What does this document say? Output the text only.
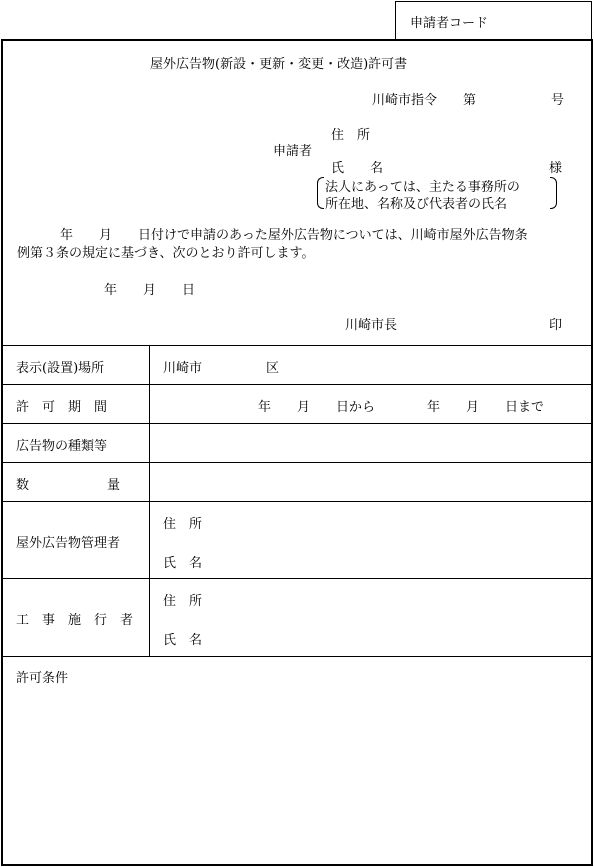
申請者コード
屋外広告物(新設・更新・変更・改造)許可書
川崎市指令 第	号
申請者
住　所
氏　　名	様
法人にあっては、主たる事務所の
所在地、名称及び代表者の氏名
年　　月　　日付けで申請のあった屋外広告物については、川崎市屋外広告物条
例第３条の規定に基づき、次のとおり許可します。
年　　月　　日
川崎市長	印
表示(設置)場所	川崎市	区
許　可　期　間	年　　月　　日から　　　　年　　月　　日まで
広告物の種類等
数　　　　　　量
屋外広告物管理者
住　所
氏　名
工　事　施　行　者
住　所
氏　名
許可条件
